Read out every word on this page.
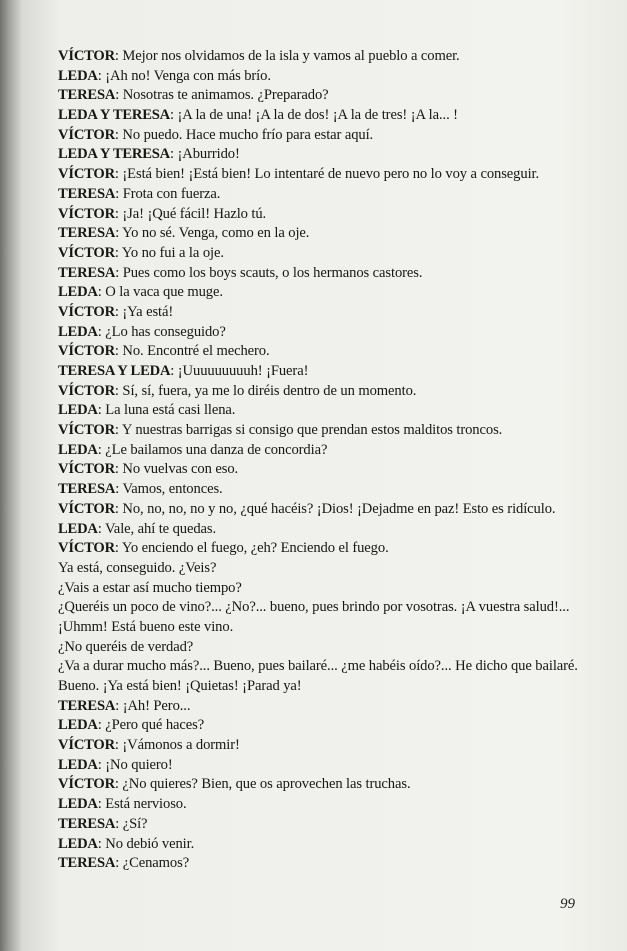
VÍCTOR: Mejor nos olvidamos de la isla y vamos al pueblo a comer.
LEDA: ¡Ah no! Venga con más brío.
TERESA: Nosotras te animamos. ¿Preparado?
LEDA Y TERESA: ¡A la de una! ¡A la de dos! ¡A la de tres! ¡A la... !
VÍCTOR: No puedo. Hace mucho frío para estar aquí.
LEDA Y TERESA: ¡Aburrido!
VÍCTOR: ¡Está bien! ¡Está bien! Lo intentaré de nuevo pero no lo voy a conseguir.
TERESA: Frota con fuerza.
VÍCTOR: ¡Ja! ¡Qué fácil! Hazlo tú.
TERESA: Yo no sé. Venga, como en la oje.
VÍCTOR: Yo no fui a la oje.
TERESA: Pues como los boys scauts, o los hermanos castores.
LEDA: O la vaca que muge.
VÍCTOR: ¡Ya está!
LEDA: ¿Lo has conseguido?
VÍCTOR: No. Encontré el mechero.
TERESA Y LEDA: ¡Uuuuuuuuuh! ¡Fuera!
VÍCTOR: Sí, sí, fuera, ya me lo diréis dentro de un momento.
LEDA: La luna está casi llena.
VÍCTOR: Y nuestras barrigas si consigo que prendan estos malditos troncos.
LEDA: ¿Le bailamos una danza de concordia?
VÍCTOR: No vuelvas con eso.
TERESA: Vamos, entonces.
VÍCTOR: No, no, no, no y no, ¿qué hacéis? ¡Dios! ¡Dejadme en paz! Esto es ridículo.
LEDA: Vale, ahí te quedas.
VÍCTOR: Yo enciendo el fuego, ¿eh? Enciendo el fuego.
Ya está, conseguido. ¿Veis?
¿Vais a estar así mucho tiempo?
¿Queréis un poco de vino?... ¿No?... bueno, pues brindo por vosotras. ¡A vuestra salud!...
¡Uhmm! Está bueno este vino.
¿No queréis de verdad?
¿Va a durar mucho más?... Bueno, pues bailaré... ¿me habéis oído?... He dicho que bailaré.
Bueno. ¡Ya está bien! ¡Quietas! ¡Parad ya!
TERESA: ¡Ah! Pero...
LEDA: ¿Pero qué haces?
VÍCTOR: ¡Vámonos a dormir!
LEDA: ¡No quiero!
VÍCTOR: ¿No quieres? Bien, que os aprovechen las truchas.
LEDA: Está nervioso.
TERESA: ¿Sí?
LEDA: No debió venir.
TERESA: ¿Cenamos?
99
